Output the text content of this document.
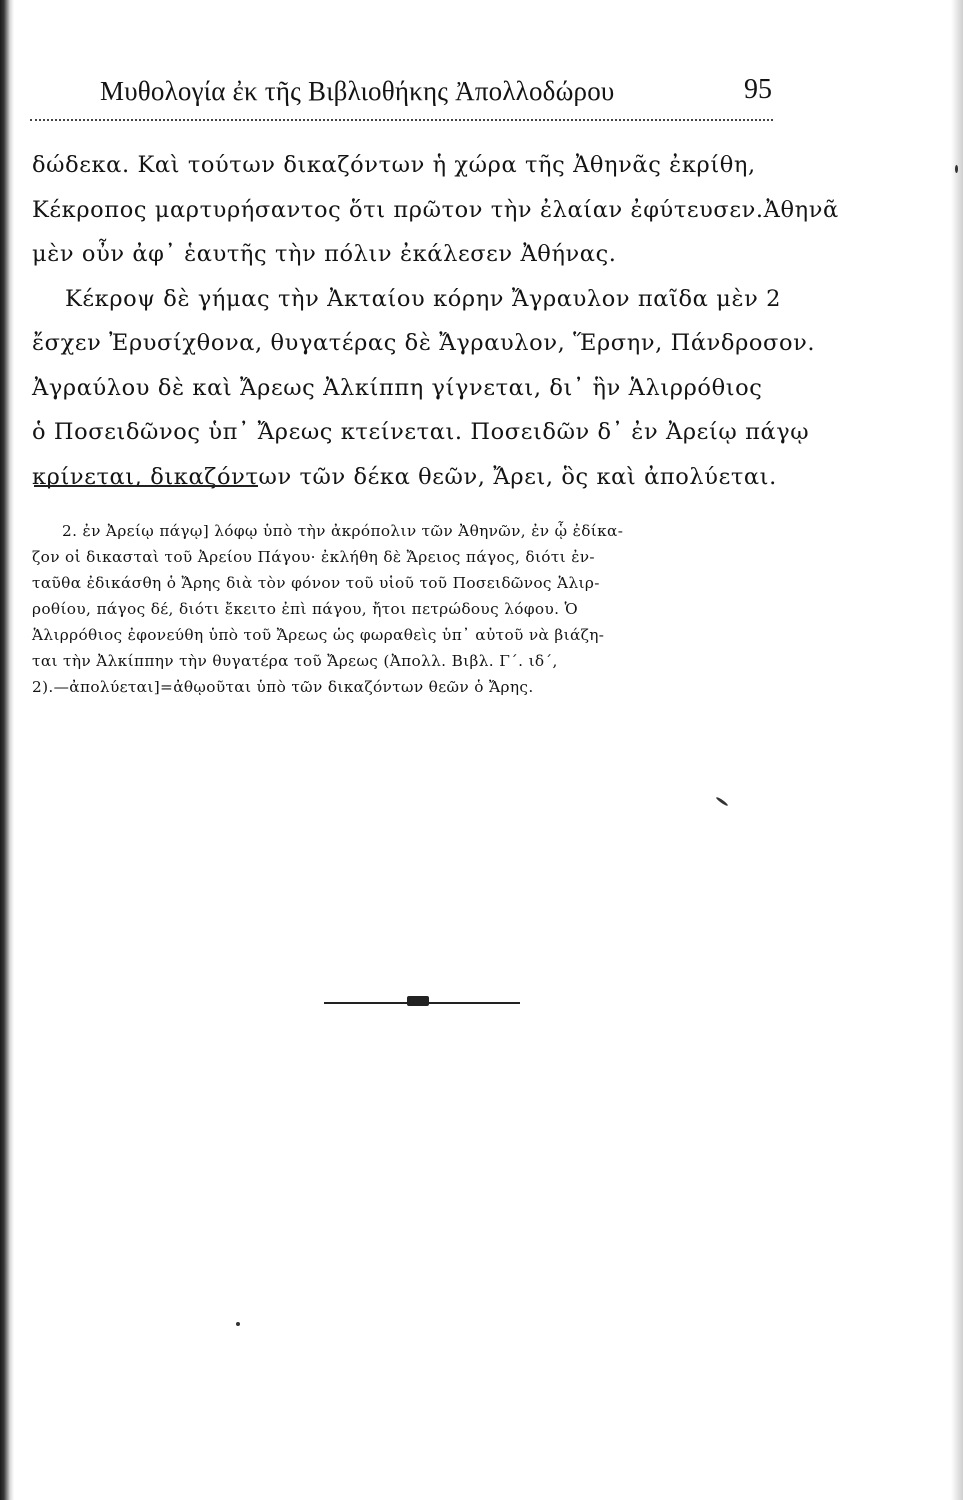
Μυθολογία ἐκ τῆς Βιβλιοθήκης Ἀπολλοδώρου	95
δώδεκα. Καὶ τούτων δικαζόντων ἡ χώρα τῆς Ἀθηνᾶς ἐκρίθη,
Κέκροπος μαρτυρήσαντος ὅτι πρῶτον τὴν ἐλαίαν ἐφύτευσεν.Ἀθηνᾶ
μὲν οὖν ἀφ᾽ ἑαυτῆς τὴν πόλιν ἐκάλεσεν Ἀθήνας.
Κέκροψ δὲ γήμας τὴν Ἀκταίου κόρην Ἄγραυλον παῖδα μὲν 2
ἔσχεν Ἐρυσίχθονα, θυγατέρας δὲ Ἄγραυλον, Ἕρσην, Πάνδροσον.
Ἀγραύλου δὲ καὶ Ἄρεως Ἀλκίππη γίγνεται, δι᾽ ἣν Ἁλιρρόθιος
ὁ Ποσειδῶνος ὑπ᾽ Ἄρεως κτείνεται. Ποσειδῶν δ᾽ ἐν Ἀρείῳ πάγῳ
κρίνεται, δικαζόντων τῶν δέκα θεῶν, Ἄρει, ὃς καὶ ἀπολύεται.
2. ἐν Ἀρείῳ πάγῳ] λόφῳ ὑπὸ τὴν ἀκρόπολιν τῶν Ἀθηνῶν, ἐν ᾧ ἐδίκα-
ζον οἱ δικασταὶ τοῦ Ἀρείου Πάγου· ἐκλήθη δὲ Ἄρειος πάγος, διότι ἐν-
ταῦθα ἐδικάσθη ὁ Ἄρης διὰ τὸν φόνον τοῦ υἱοῦ τοῦ Ποσειδῶνος Ἁλιρ-
ροθίου, πάγος δέ, διότι ἔκειτο ἐπὶ πάγου, ἤτοι πετρώδους λόφου. Ὁ
Ἁλιρρόθιος ἐφονεύθη ὑπὸ τοῦ Ἄρεως ὡς φωραθεὶς ὑπ᾽ αὐτοῦ νὰ βιάζη-
ται τὴν Ἀλκίππην τὴν θυγατέρα τοῦ Ἄρεως (Ἀπολλ. Βιβλ. Γ΄. ιδ΄,
2).—ἀπολύεται]=ἀθῳοῦται ὑπὸ τῶν δικαζόντων θεῶν ὁ Ἄρης.
